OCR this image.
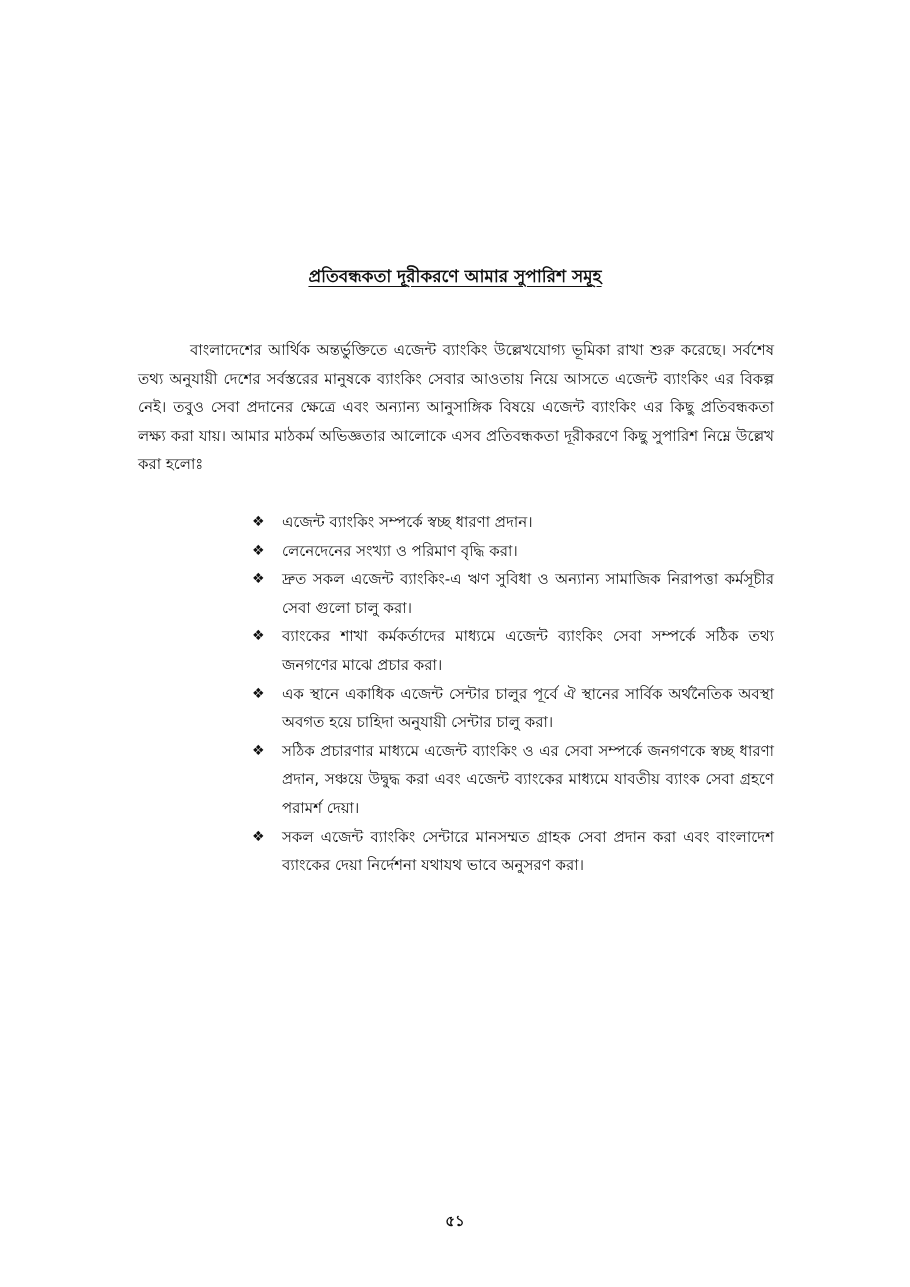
প্রতিবন্ধকতা দূরীকরণে আমার সুপারিশ সমূহ

বাংলাদেশের আর্থিক অন্তর্ভুক্তিতে এজেন্ট ব্যাংকিং উল্লেখযোগ্য ভূমিকা রাখা শুরু করেছে। সর্বশেষ তথ্য অনুযায়ী দেশের সর্বস্তরের মানুষকে ব্যাংকিং সেবার আওতায় নিয়ে আসতে এজেন্ট ব্যাংকিং এর বিকল্প নেই। তবুও সেবা প্রদানের ক্ষেত্রে এবং অন্যান্য আনুসাঙ্গিক বিষয়ে এজেন্ট ব্যাংকিং এর কিছু প্রতিবন্ধকতা লক্ষ্য করা যায়। আমার মাঠকর্ম অভিজ্ঞতার আলোকে এসব প্রতিবন্ধকতা দূরীকরণে কিছু সুপারিশ নিম্নে উল্লেখ করা হলোঃ

❖	এজেন্ট ব্যাংকিং সম্পর্কে স্বচ্ছ ধারণা প্রদান।
❖	লেনেদেনের সংখ্যা ও পরিমাণ বৃদ্ধি করা।
❖	দ্রুত সকল এজেন্ট ব্যাংকিং-এ ঋণ সুবিধা ও অন্যান্য সামাজিক নিরাপত্তা কর্মসূচীর সেবা গুলো চালু করা।
❖	ব্যাংকের শাখা কর্মকর্তাদের মাধ্যমে এজেন্ট ব্যাংকিং সেবা সম্পর্কে সঠিক তথ্য জনগণের মাঝে প্রচার করা।
❖	এক স্থানে একাধিক এজেন্ট সেন্টার চালুর পূর্বে ঐ স্থানের সার্বিক অর্থনৈতিক অবস্থা অবগত হয়ে চাহিদা অনুযায়ী সেন্টার চালু করা।
❖	সঠিক প্রচারণার মাধ্যমে এজেন্ট ব্যাংকিং ও এর সেবা সম্পর্কে জনগণকে স্বচ্ছ ধারণা প্রদান, সঞ্চয়ে উদ্বুদ্ধ করা এবং এজেন্ট ব্যাংকের মাধ্যমে যাবতীয় ব্যাংক সেবা গ্রহণে পরামর্শ দেয়া।
❖	সকল এজেন্ট ব্যাংকিং সেন্টারে মানসম্মত গ্রাহক সেবা প্রদান করা এবং বাংলাদেশ ব্যাংকের দেয়া নির্দেশনা যথাযথ ভাবে অনুসরণ করা।
৫১
